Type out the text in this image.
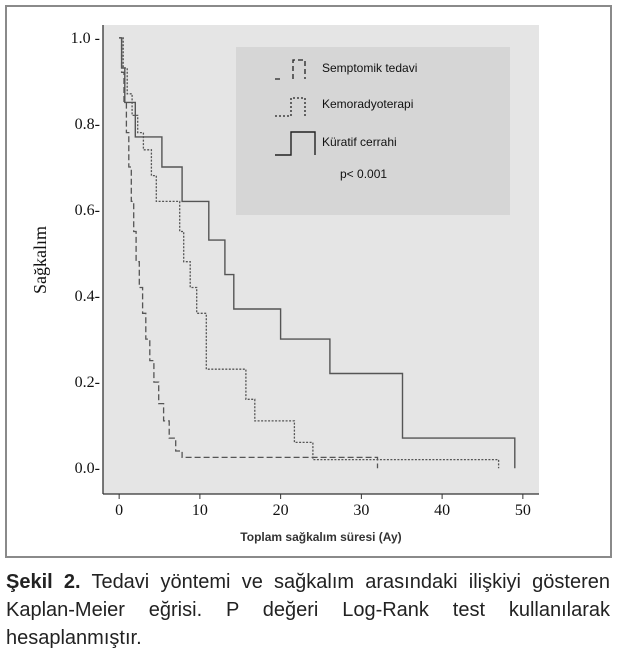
0	10	20	30	40	50
0.0-
0.2-
0.4-
0.6-
0.8-
1.0 -
Toplam sağkalım süresi (Ay)
Sağkalım
Semptomik tedavi
Kemoradyoterapi
Küratif cerrahi
p< 0.001
Şekil 2. Tedavi yöntemi ve sağkalım arasındaki ilişkiyi gösteren Kaplan-Meier eğrisi. P değeri Log-Rank test kullanılarak hesaplanmıştır.
